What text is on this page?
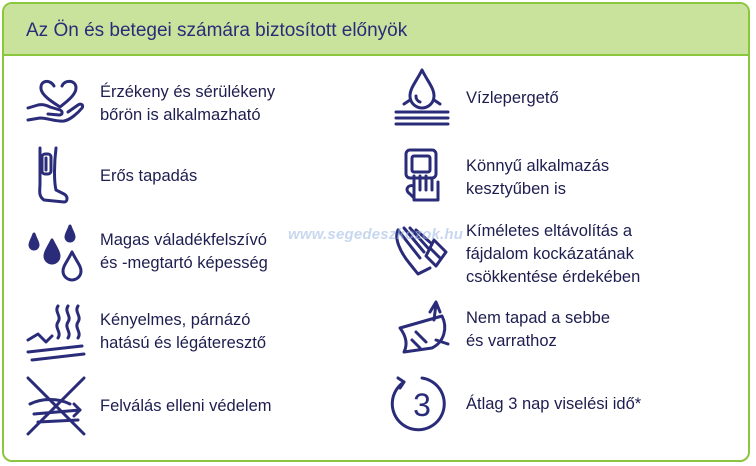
Az Ön és betegei számára biztosított előnyök
Érzékeny és sérülékeny
bőrön is alkalmazható
Erős tapadás
Magas váladékfelszívó
és -megtartó képesség
Kényelmes, párnázó
hatású és légáteresztő
Felválás elleni védelem
Vízlepergető
Könnyű alkalmazás
kesztyűben is
Kíméletes eltávolítás a
fájdalom kockázatának
csökkentése érdekében
Nem tapad a sebbe
és varrathoz
3 Átlag 3 nap viselési idő*
www.segedeszkozok.hu
